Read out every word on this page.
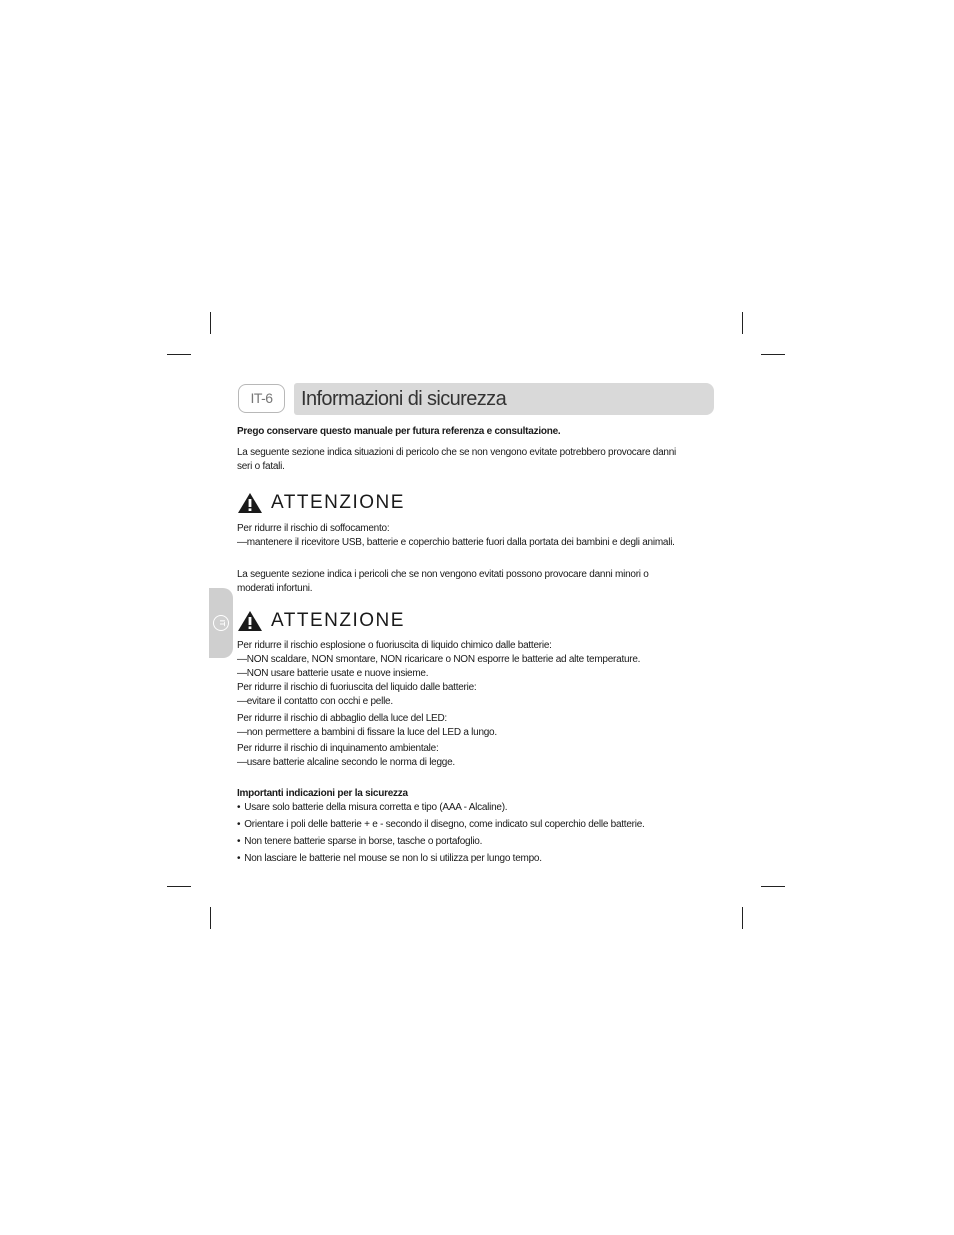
IT-6	Informazioni di sicurezza
IT

Prego conservare questo manuale per futura referenza e consultazione.

La seguente sezione indica situazioni di pericolo che se non vengono evitate potrebbero provocare danni seri o fatali.

ATTENZIONE

Per ridurre il rischio di soffocamento:

—mantenere il ricevitore USB, batterie e coperchio batterie fuori dalla portata dei bambini e degli animali.

La seguente sezione indica i pericoli che se non vengono evitati possono provocare danni minori o moderati infortuni.

ATTENZIONE

Per ridurre il rischio esplosione o fuoriuscita di liquido chimico dalle batterie:

—NON scaldare, NON smontare, NON ricaricare o NON esporre le batterie ad alte temperature.

—NON usare batterie usate e nuove insieme.

Per ridurre il rischio di fuoriuscita del liquido dalle batterie:

—evitare il contatto con occhi e pelle.

Per ridurre il rischio di abbaglio della luce del LED:

—non permettere a bambini di fissare la luce del LED a lungo.

Per ridurre il rischio di inquinamento ambientale:

—usare batterie alcaline secondo le norma di legge.

Importanti indicazioni per la sicurezza

• Usare solo batterie della misura corretta e tipo (AAA - Alcaline).
• Orientare i poli delle batterie + e - secondo il disegno, come indicato sul coperchio delle batterie.
• Non tenere batterie sparse in borse, tasche o portafoglio.
• Non lasciare le batterie nel mouse se non lo si utilizza per lungo tempo.
